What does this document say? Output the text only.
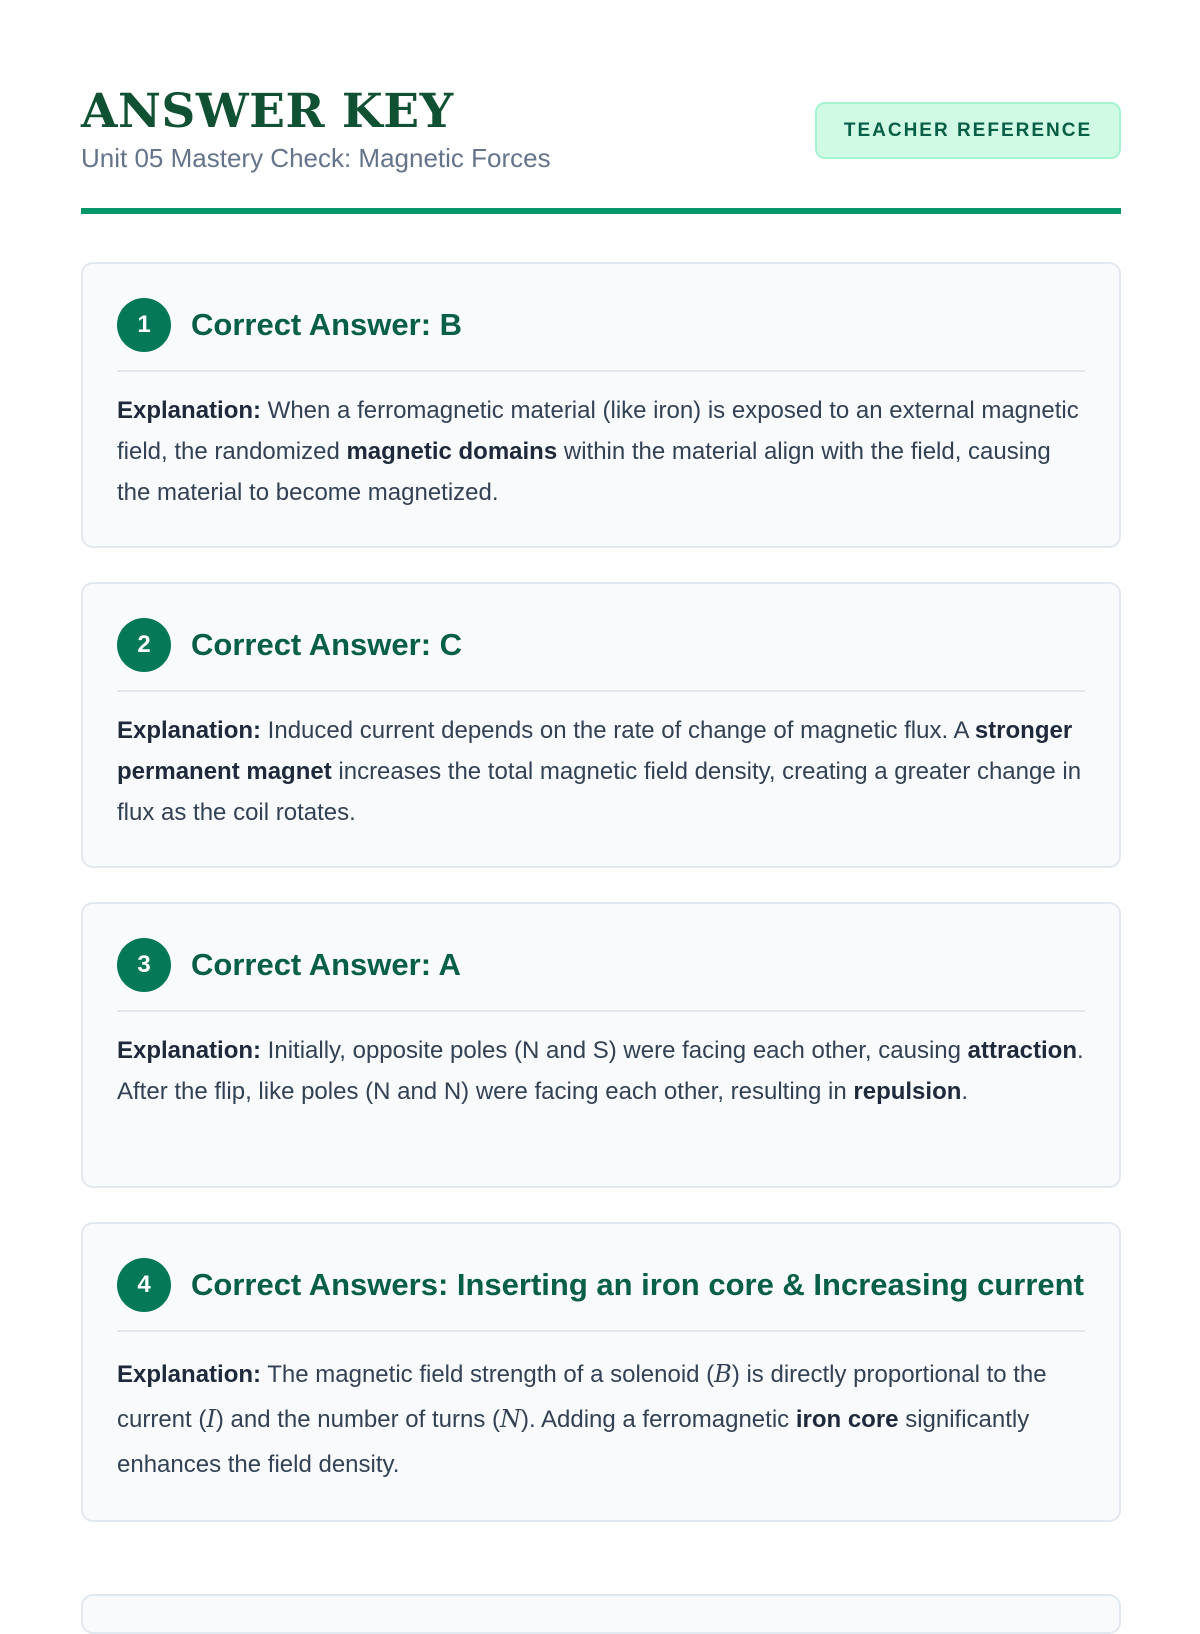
ANSWER KEY
Unit 05 Mastery Check: Magnetic Forces
TEACHER REFERENCE
1	Correct Answer: B
Explanation: When a ferromagnetic material (like iron) is exposed to an external magnetic field, the randomized magnetic domains within the material align with the field, causing the material to become magnetized.
2	Correct Answer: C
Explanation: Induced current depends on the rate of change of magnetic flux. A stronger permanent magnet increases the total magnetic field density, creating a greater change in flux as the coil rotates.
3	Correct Answer: A
Explanation: Initially, opposite poles (N and S) were facing each other, causing attraction. After the flip, like poles (N and N) were facing each other, resulting in repulsion.
4	Correct Answers: Inserting an iron core & Increasing current
Explanation: The magnetic field strength of a solenoid (B) is directly proportional to the current (I) and the number of turns (N). Adding a ferromagnetic iron core significantly enhances the field density.
